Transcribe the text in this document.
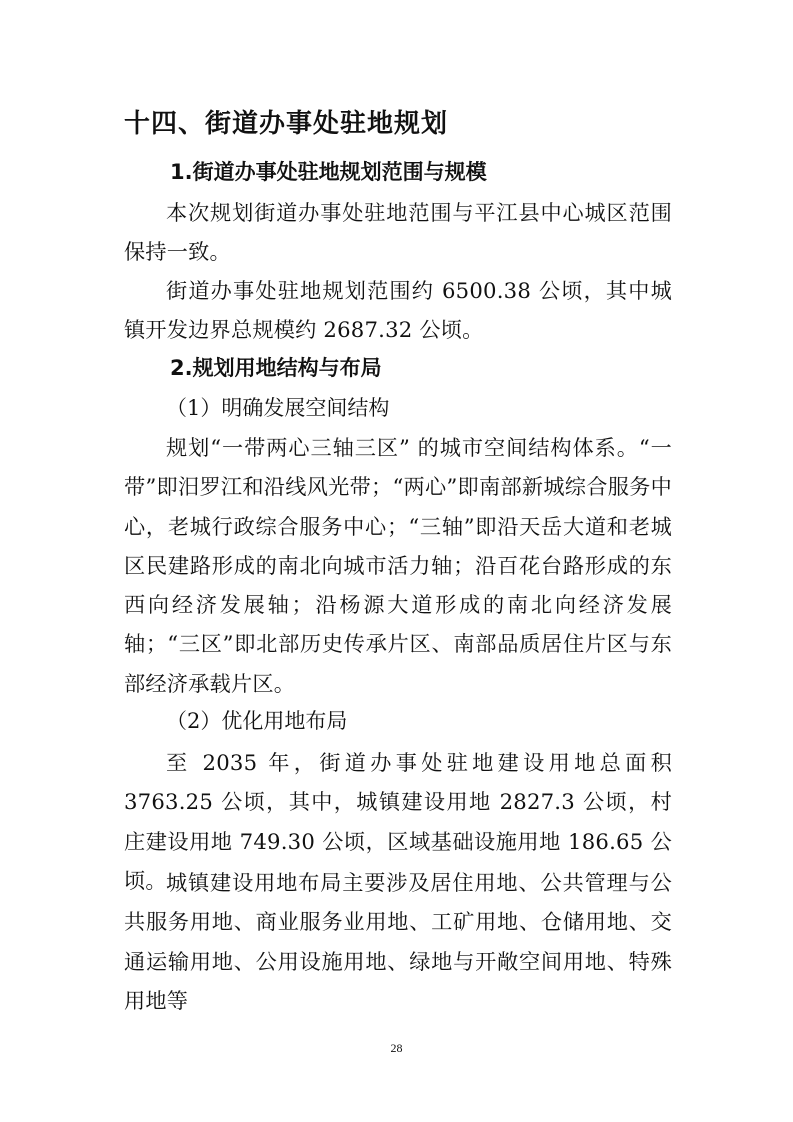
十四、街道办事处驻地规划
1.街道办事处驻地规划范围与规模
本次规划街道办事处驻地范围与平江县中心城区范围保持一致。
街道办事处驻地规划范围约 6500.38 公顷，其中城镇开发边界总规模约 2687.32 公顷。
2.规划用地结构与布局
（1）明确发展空间结构
规划“一带两心三轴三区” 的城市空间结构体系。“一带”即汨罗江和沿线风光带；“两心”即南部新城综合服务中心，老城行政综合服务中心；“三轴”即沿天岳大道和老城区民建路形成的南北向城市活力轴；沿百花台路形成的东西向经济发展轴；沿杨源大道形成的南北向经济发展轴；“三区”即北部历史传承片区、南部品质居住片区与东部经济承载片区。
（2）优化用地布局
至 2035 年，街道办事处驻地建设用地总面积 3763.25 公顷，其中，城镇建设用地 2827.3 公顷，村庄建设用地 749.30 公顷，区域基础设施用地 186.65 公顷。 城镇建设用地布局主要涉及居住用地、公共管理与公共服务用地、商业服务业用地、工矿用地、仓储用地、交通运输用地、公用设施用地、绿地与开敞空间用地、特殊用地等
28
